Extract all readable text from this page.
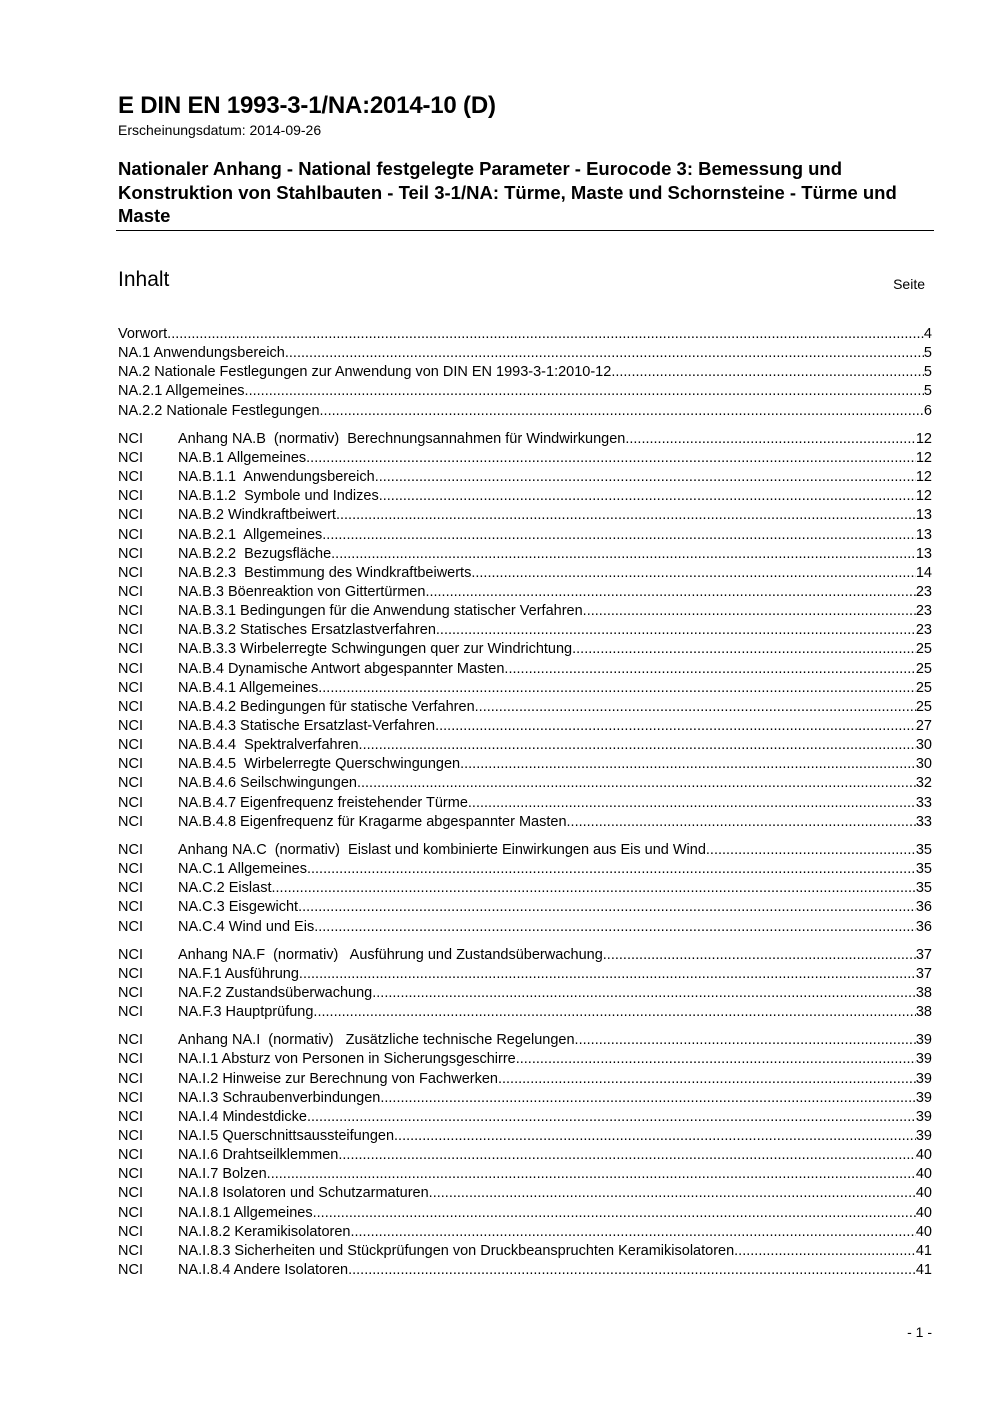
E DIN EN 1993-3-1/NA:2014-10 (D)
Erscheinungsdatum: 2014-09-26
Nationaler Anhang - National festgelegte Parameter - Eurocode 3: Bemessung und Konstruktion von Stahlbauten - Teil 3-1/NA: Türme, Maste und Schornsteine - Türme und Maste
Inhalt	Seite
Vorwort .....	4
NA.1 Anwendungsbereich .....	5
NA.2 Nationale Festlegungen zur Anwendung von DIN EN 1993-3-1:2010-12 .....	5
NA.2.1 Allgemeines .....	5
NA.2.2 Nationale Festlegungen .....	6
NCI	Anhang NA.B  (normativ)  Berechnungsannahmen für Windwirkungen .....	12
NCI	NA.B.1 Allgemeines .....	12
NCI	NA.B.1.1  Anwendungsbereich .....	12
NCI	NA.B.1.2  Symbole und Indizes .....	12
NCI	NA.B.2 Windkraftbeiwert .....	13
NCI	NA.B.2.1  Allgemeines .....	13
NCI	NA.B.2.2  Bezugsfläche .....	13
NCI	NA.B.2.3  Bestimmung des Windkraftbeiwerts .....	14
NCI	NA.B.3 Böenreaktion von Gittertürmen .....	23
NCI	NA.B.3.1 Bedingungen für die Anwendung statischer Verfahren .....	23
NCI	NA.B.3.2 Statisches Ersatzlastverfahren .....	23
NCI	NA.B.3.3 Wirbelerregte Schwingungen quer zur Windrichtung .....	25
NCI	NA.B.4 Dynamische Antwort abgespannter Masten .....	25
NCI	NA.B.4.1 Allgemeines .....	25
NCI	NA.B.4.2 Bedingungen für statische Verfahren .....	25
NCI	NA.B.4.3 Statische Ersatzlast-Verfahren .....	27
NCI	NA.B.4.4  Spektralverfahren .....	30
NCI	NA.B.4.5  Wirbelerregte Querschwingungen .....	30
NCI	NA.B.4.6 Seilschwingungen .....	32
NCI	NA.B.4.7 Eigenfrequenz freistehender Türme .....	33
NCI	NA.B.4.8 Eigenfrequenz für Kragarme abgespannter Masten .....	33
NCI	Anhang NA.C  (normativ)  Eislast und kombinierte Einwirkungen aus Eis und Wind .....	35
NCI	NA.C.1 Allgemeines .....	35
NCI	NA.C.2 Eislast .....	35
NCI	NA.C.3 Eisgewicht .....	36
NCI	NA.C.4 Wind und Eis .....	36
NCI	Anhang NA.F  (normativ)   Ausführung und Zustandsüberwachung .....	37
NCI	NA.F.1 Ausführung .....	37
NCI	NA.F.2 Zustandsüberwachung .....	38
NCI	NA.F.3 Hauptprüfung .....	38
NCI	Anhang NA.I  (normativ)   Zusätzliche technische Regelungen .....	39
NCI	NA.I.1 Absturz von Personen in Sicherungsgeschirre .....	39
NCI	NA.I.2 Hinweise zur Berechnung von Fachwerken .....	39
NCI	NA.I.3 Schraubenverbindungen .....	39
NCI	NA.I.4 Mindestdicke .....	39
NCI	NA.I.5 Querschnittsaussteifungen .....	39
NCI	NA.I.6 Drahtseilklemmen .....	40
NCI	NA.I.7 Bolzen .....	40
NCI	NA.I.8 Isolatoren und Schutzarmaturen .....	40
NCI	NA.I.8.1 Allgemeines .....	40
NCI	NA.I.8.2 Keramikisolatoren .....	40
NCI	NA.I.8.3 Sicherheiten und Stückprüfungen von Druckbeanspruchten Keramikisolatoren .....	41
NCI	NA.I.8.4 Andere Isolatoren .....	41
- 1 -
